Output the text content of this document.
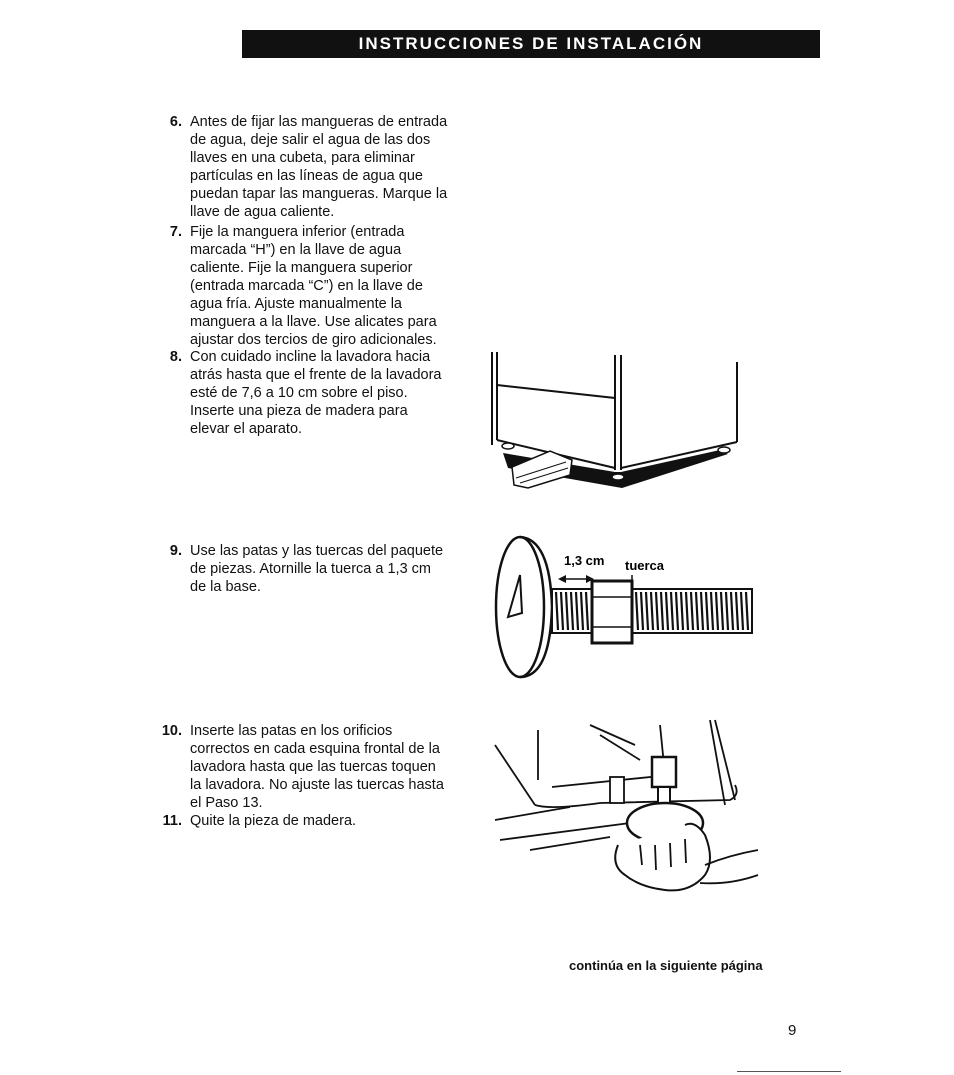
INSTRUCCIONES DE INSTALACIÓN
6. Antes de fijar las mangueras de entrada
de agua, deje salir el agua de las dos
llaves en una cubeta, para eliminar
partículas en las líneas de agua que
puedan tapar las mangueras. Marque la
llave de agua caliente.
7. Fije la manguera inferior (entrada
marcada “H”) en la llave de agua
caliente. Fije la manguera superior
(entrada marcada “C”) en la llave de
agua fría. Ajuste manualmente la
manguera a la llave. Use alicates para
ajustar dos tercios de giro adicionales.
8. Con cuidado incline la lavadora hacia
atrás hasta que el frente de la lavadora
esté de 7,6 a 10 cm sobre el piso.
Inserte una pieza de madera para
elevar el aparato.
9. Use las patas y las tuercas del paquete
de piezas. Atornille la tuerca a 1,3 cm
de la base.
10. Inserte las patas en los orificios
correctos en cada esquina frontal de la
lavadora hasta que las tuercas toquen
la lavadora. No ajuste las tuercas hasta
el Paso 13.
11. Quite la pieza de madera.
1,3 cm tuerca
continúa en la siguiente página
9
